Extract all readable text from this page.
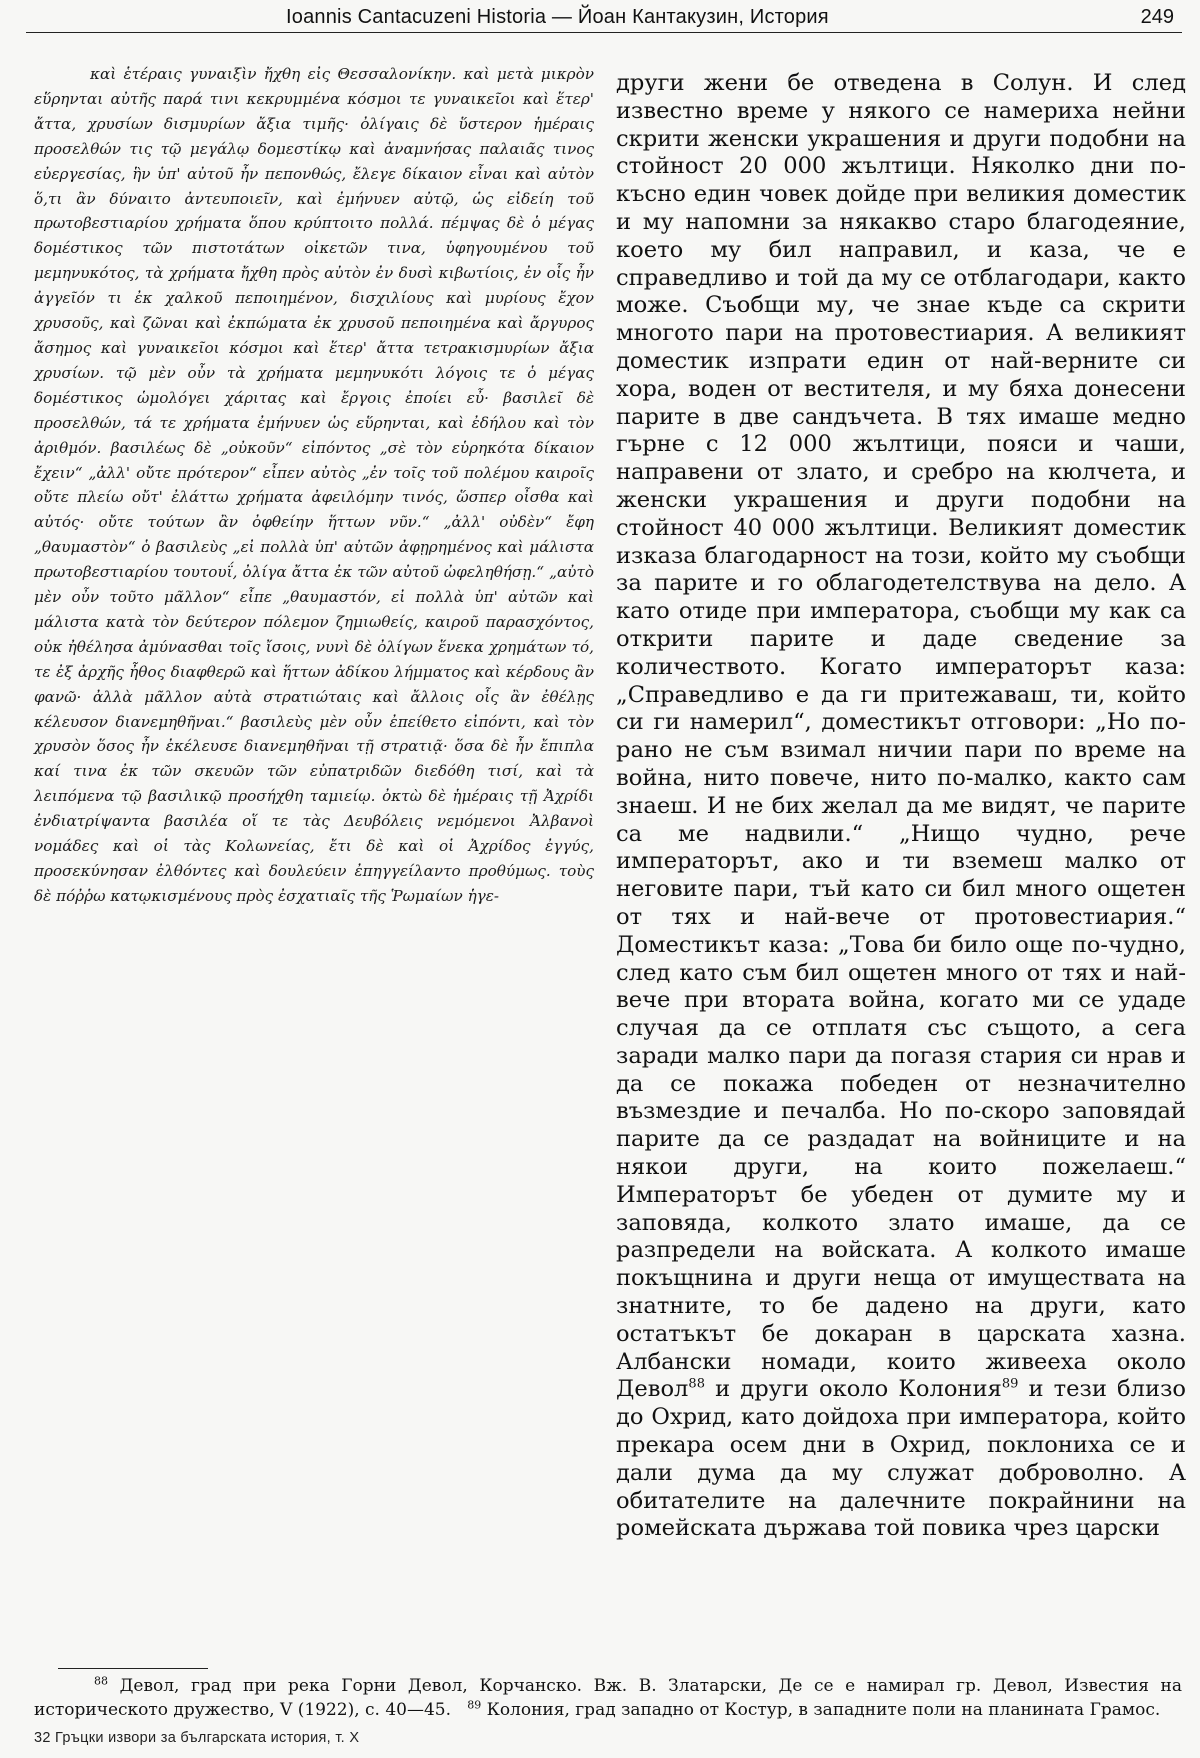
Ioannis Cantacuzeni Historia — Йоан Кантакузин, История	249

καὶ ἑτέραις γυναιξὶν ἤχθη εἰς Θεσσαλονίκην. καὶ μετὰ μικρὸν εὕρηνται αὐτῆς παρά τινι κεκρυμμένα κόσμοι τε γυναικεῖοι καὶ ἕτερ' ἄττα, χρυσίων δισμυρίων ἄξια τιμῆς· ὀλίγαις δὲ ὕστερον ἡμέραις προσελθών τις τῷ μεγάλῳ δομεστίκῳ καὶ ἀναμνήσας παλαιᾶς τινος εὐεργεσίας, ἣν ὑπ' αὐτοῦ ἦν πεπονθώς, ἔλεγε δίκαιον εἶναι καὶ αὐτὸν ὅ,τι ἂν δύναιτο ἀντευποιεῖν, καὶ ἐμήνυεν αὐτῷ, ὡς εἰδείη τοῦ πρωτοβεστιαρίου χρήματα ὅπου κρύπτοιτο πολλά. πέμψας δὲ ὁ μέγας δομέστικος τῶν πιστοτάτων οἰκετῶν τινα, ὑφηγουμένου τοῦ μεμηνυκότος, τὰ χρήματα ἤχθη πρὸς αὐτὸν ἐν δυσὶ κιβωτίοις, ἐν οἷς ἦν ἀγγεῖόν τι ἐκ χαλκοῦ πεποιημένον, δισχιλίους καὶ μυρίους ἔχον χρυσοῦς, καὶ ζῶναι καὶ ἐκπώματα ἐκ χρυσοῦ πεποιημένα καὶ ἄργυρος ἄσημος καὶ γυναικεῖοι κόσμοι καὶ ἕτερ' ἄττα τετρακισμυρίων ἄξια χρυσίων. τῷ μὲν οὖν τὰ χρήματα μεμηνυκότι λόγοις τε ὁ μέγας δομέστικος ὡμολόγει χάριτας καὶ ἔργοις ἐποίει εὖ· βασιλεῖ δὲ προσελθών, τά τε χρήματα ἐμήνυεν ὡς εὕρηνται, καὶ ἐδήλου καὶ τὸν ἀριθμόν. βασιλέως δὲ „οὐκοῦν“ εἰπόντος „σὲ τὸν εὑρηκότα δίκαιον ἔχειν“ „ἀλλ' οὔτε πρότερον“ εἶπεν αὐτὸς „ἐν τοῖς τοῦ πολέμου καιροῖς οὔτε πλείω οὔτ' ἐλάττω χρήματα ἀφειλόμην τινός, ὥσπερ οἶσθα καὶ αὐτός· οὔτε τούτων ἂν ὀφθείην ἥττων νῦν.“ „ἀλλ' οὐδὲν“ ἔφη „θαυμαστὸν“ ὁ βασιλεὺς „εἰ πολλὰ ὑπ' αὐτῶν ἀφῃρημένος καὶ μάλιστα πρωτοβεστιαρίου τουτουΐ, ὀλίγα ἄττα ἐκ τῶν αὐτοῦ ὠφεληθήσῃ.“ „αὐτὸ μὲν οὖν τοῦτο μᾶλλον“ εἶπε „θαυμαστόν, εἰ πολλὰ ὑπ' αὐτῶν καὶ μάλιστα κατὰ τὸν δεύτερον πόλεμον ζημιωθείς, καιροῦ παρασχόντος, οὐκ ἠθέλησα ἀμύνασθαι τοῖς ἴσοις, νυνὶ δὲ ὀλίγων ἕνεκα χρημάτων τό, τε ἐξ ἀρχῆς ἦθος διαφθερῶ καὶ ἥττων ἀδίκου λήμματος καὶ κέρδους ἂν φανῶ· ἀλλὰ μᾶλλον αὐτὰ στρατιώταις καὶ ἄλλοις οἷς ἂν ἐθέλῃς κέλευσον διανεμηθῆναι.“ βασιλεὺς μὲν οὖν ἐπείθετο εἰπόντι, καὶ τὸν χρυσὸν ὅσος ἦν ἐκέλευσε διανεμηθῆναι τῇ στρατιᾷ· ὅσα δὲ ἦν ἔπιπλα καί τινα ἐκ τῶν σκευῶν τῶν εὐπατριδῶν διεδόθη τισί, καὶ τὰ λειπόμενα τῷ βασιλικῷ προσήχθη ταμιείῳ. ὀκτὼ δὲ ἡμέραις τῇ Ἀχρίδι ἐνδιατρίψαντα βασιλέα οἵ τε τὰς Δευβόλεις νεμόμενοι Ἀλβανοὶ νομάδες καὶ οἱ τὰς Κολωνείας, ἔτι δὲ καὶ οἱ Ἀχρίδος ἐγγύς, προσεκύνησαν ἐλθόντες καὶ δουλεύειν ἐπηγγείλαντο προθύμως. τοὺς δὲ πόῤῥω κατῳκισμένους πρὸς ἐσχατιαῖς τῆς Ῥωμαίων ἡγε-

други жени бе отведена в Солун. И след известно време у някого се намериха нейни скрити женски украшения и други подобни на стойност 20 000 жълтици. Няколко дни по-късно един човек дойде при великия доместик и му напомни за някакво старо благодеяние, което му бил направил, и каза, че е справедливо и той да му се отблагодари, както може. Съобщи му, че знае къде са скрити многото пари на протовестиария. А великият доместик изпрати един от най-верните си хора, воден от вестителя, и му бяха донесени парите в две сандъчета. В тях имаше медно гърне с 12 000 жълтици, пояси и чаши, направени от злато, и сребро на кюлчета, и женски украшения и други подобни на стойност 40 000 жълтици. Великият доместик изказа благодарност на този, който му съобщи за парите и го облагодетелствува на дело. А като отиде при императора, съобщи му как са открити парите и даде сведение за количеството. Когато императорът каза: „Справедливо е да ги притежаваш, ти, който си ги намерил“, доместикът отговори: „Но по-рано не съм взимал ничии пари по време на война, нито повече, нито по-малко, както сам знаеш. И не бих желал да ме видят, че парите са ме надвили.“ „Нищо чудно, рече императорът, ако и ти вземеш малко от неговите пари, тъй като си бил много ощетен от тях и най-вече от протовестиария.“ Доместикът каза: „Това би било още по-чудно, след като съм бил ощетен много от тях и най-вече при втората война, когато ми се удаде случая да се отплатя със същото, а сега заради малко пари да погазя стария си нрав и да се покажа победен от незначително възмездие и печалба. Но по-скоро заповядай парите да се раздадат на войниците и на някои други, на които пожелаеш.“ Императорът бе убеден от думите му и заповяда, колкото злато имаше, да се разпредели на войската. А колкото имаше покъщнина и други неща от имуществата на знатните, то бе дадено на други, като остатъкът бе докаран в царската хазна. Албански номади, които живееха около Девол$^{88}$ и други около Колония$^{89}$ и тези близо до Охрид, като дойдоха при императора, който прекара осем дни в Охрид, поклониха се и дали дума да му служат доброволно. А обитателите на далечните покрайнини на ромейската държава той повика чрез царски

$^{88}$ Девол, град при река Горни Девол, Корчанско. Вж. В. Златарски, Де се е намирал гр. Девол, Известия на историческото дружество, V (1922), с. 40—45. $^{89}$ Колония, град западно от Костур, в западните поли на планината Грамос.

32 Гръцки извори за българската история, т. X
